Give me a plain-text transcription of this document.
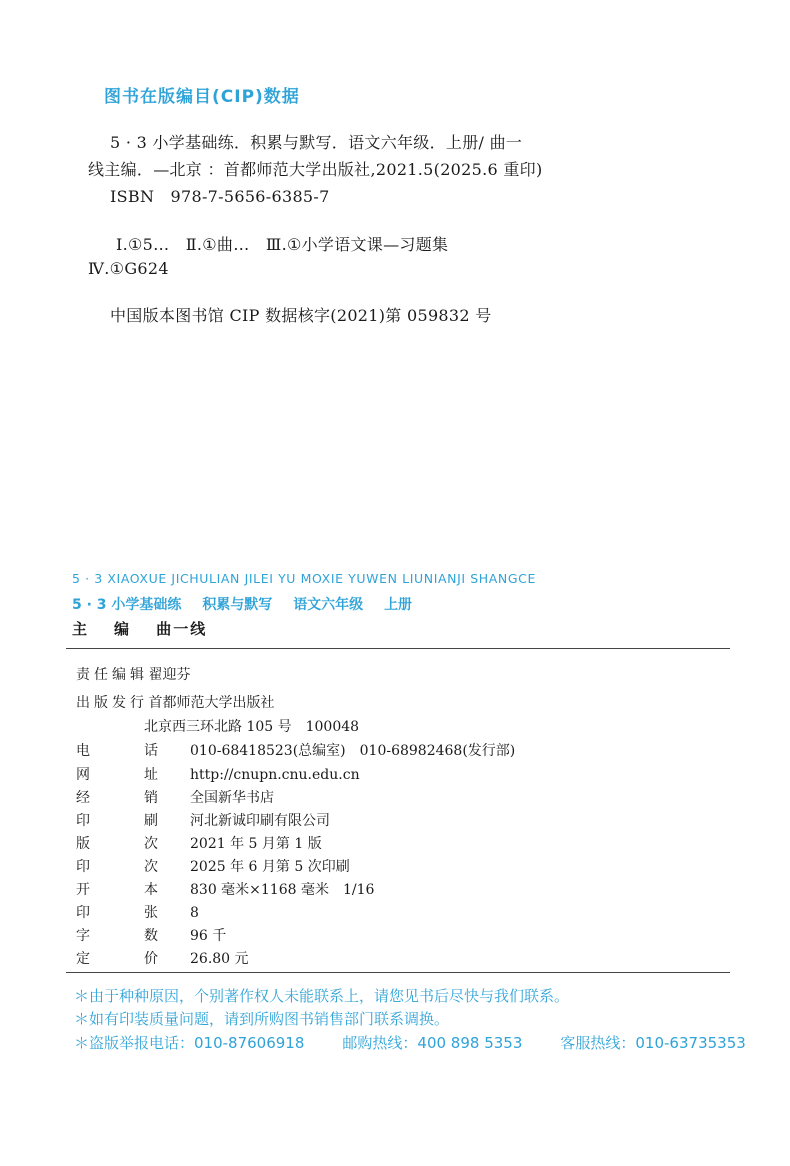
图书在版编目(CIP)数据
5 · 3 小学基础练．积累与默写．语文六年级．上册/ 曲一
线主编．—北京 ：首都师范大学出版社,2021.5(2025.6 重印)
ISBN　978-7-5656-6385-7
Ⅰ.①5…　Ⅱ.①曲…　Ⅲ.①小学语文课—习题集
Ⅳ.①G624
中国版本图书馆 CIP 数据核字(2021)第 059832 号
5 · 3 XIAOXUE JICHULIAN JILEI YU MOXIE YUWEN LIUNIANJI SHANGCE
5 · 3 小学基础练 积累与默写 语文六年级 上册
主　编 曲一线
责任编辑 翟迎芬
出版发行 首都师范大学出版社
北京西三环北路 105 号　100048
电	话 010-68418523(总编室)　010-68982468(发行部)
网	址 http://cnupn.cnu.edu.cn
经	销 全国新华书店
印	刷 河北新诚印刷有限公司
版	次 2021 年 5 月第 1 版
印	次 2025 年 6 月第 5 次印刷
开	本 830 毫米×1168 毫米　1/16
印	张 8
字	数 96 千
定	价 26.80 元
＊由于种种原因，个别著作权人未能联系上，请您见书后尽快与我们联系。
＊如有印装质量问题，请到所购图书销售部门联系调换。
＊盗版举报电话：010-87606918	邮购热线：400 898 5353	客服热线：010-63735353
